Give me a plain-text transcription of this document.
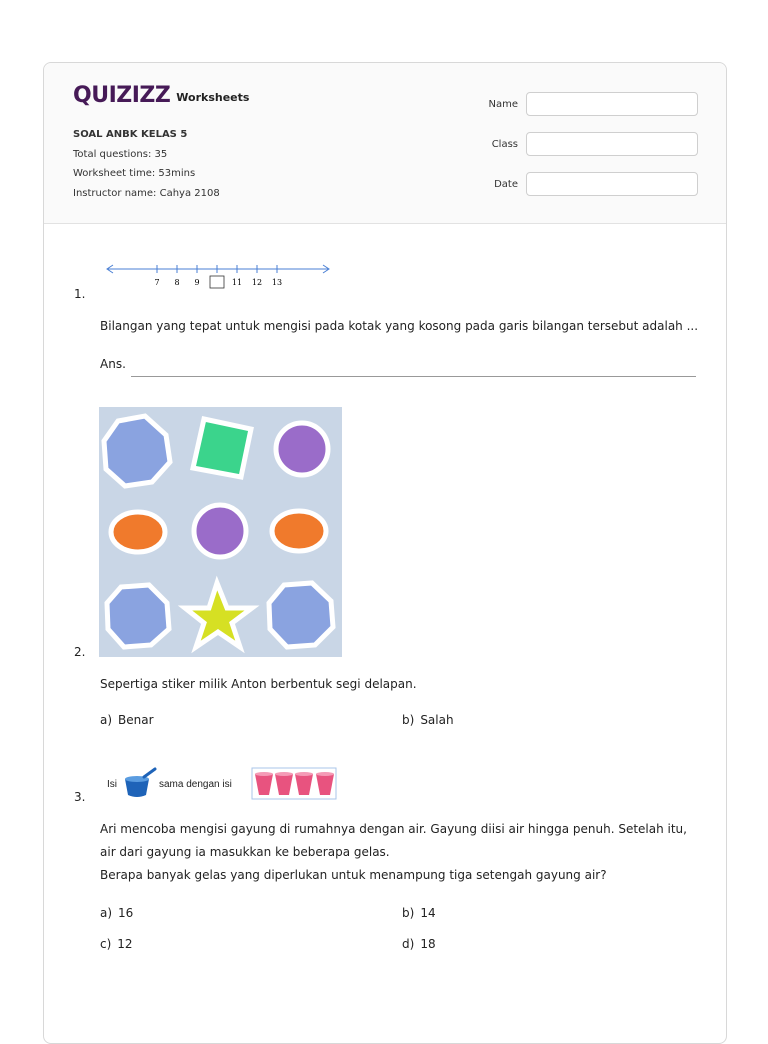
QUIZIZZ Worksheets
SOAL ANBK KELAS 5
Total questions: 35
Worksheet time: 53mins
Instructor name: Cahya 2108
Name
Class
Date
7 8 9	11 12 13
1.
Bilangan yang tepat untuk mengisi pada kotak yang kosong pada garis bilangan tersebut adalah ...
Ans.
2.
Sepertiga stiker milik Anton berbentuk segi delapan.
a) Benar	b) Salah
Isi	sama dengan isi
3.
Ari mencoba mengisi gayung di rumahnya dengan air. Gayung diisi air hingga penuh. Setelah itu,
air dari gayung ia masukkan ke beberapa gelas.
Berapa banyak gelas yang diperlukan untuk menampung tiga setengah gayung air?
a) 16	b) 14
c) 12	d) 18
